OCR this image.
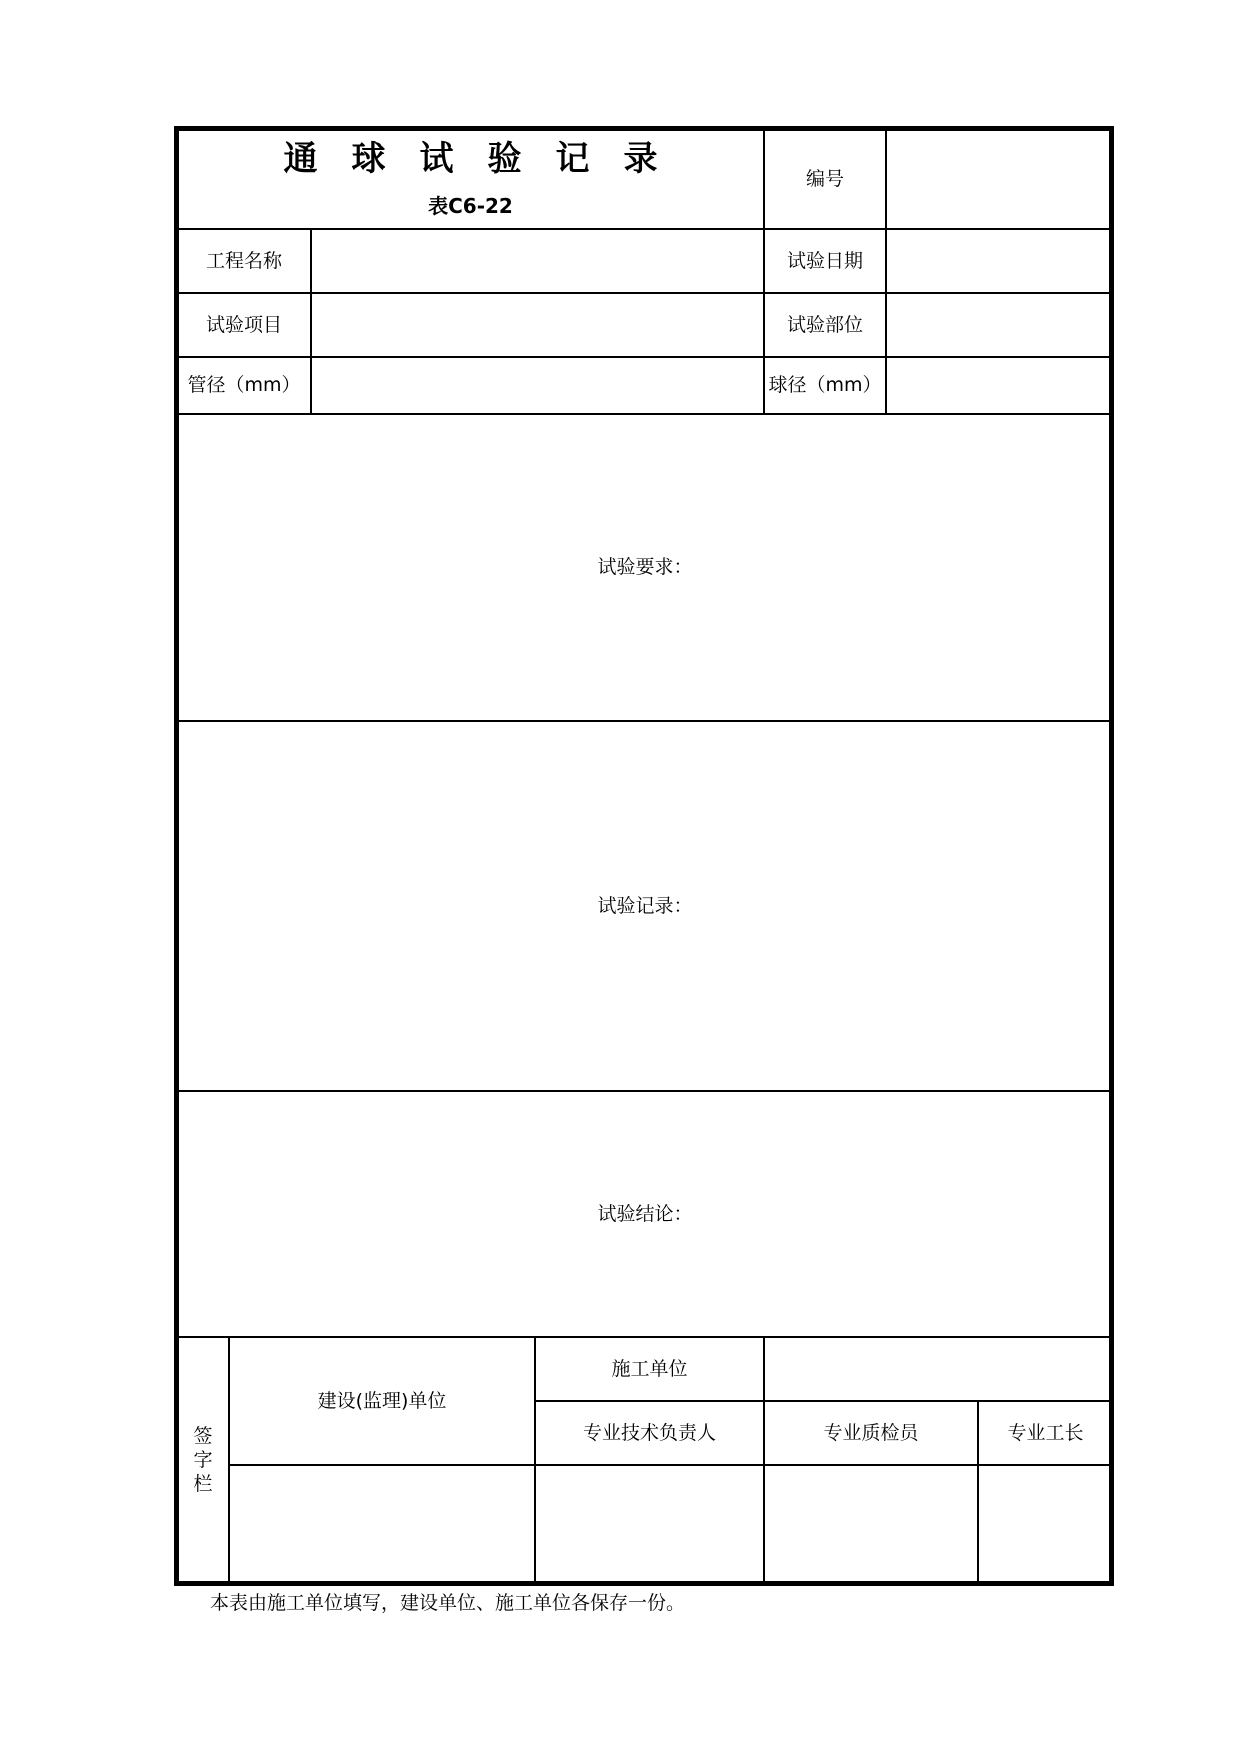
通球试验记录
表C6-22				编号		
工程名称				试验日期		
试验项目				试验部位		
管径（mm）				球径（mm）		
试验要求：						
试验记录：						
试验结论：						
签字栏	建设(监理)单位		施工单位			
			专业技术负责人	专业质检员		专业工长

本表由施工单位填写，建设单位、施工单位各保存一份。
